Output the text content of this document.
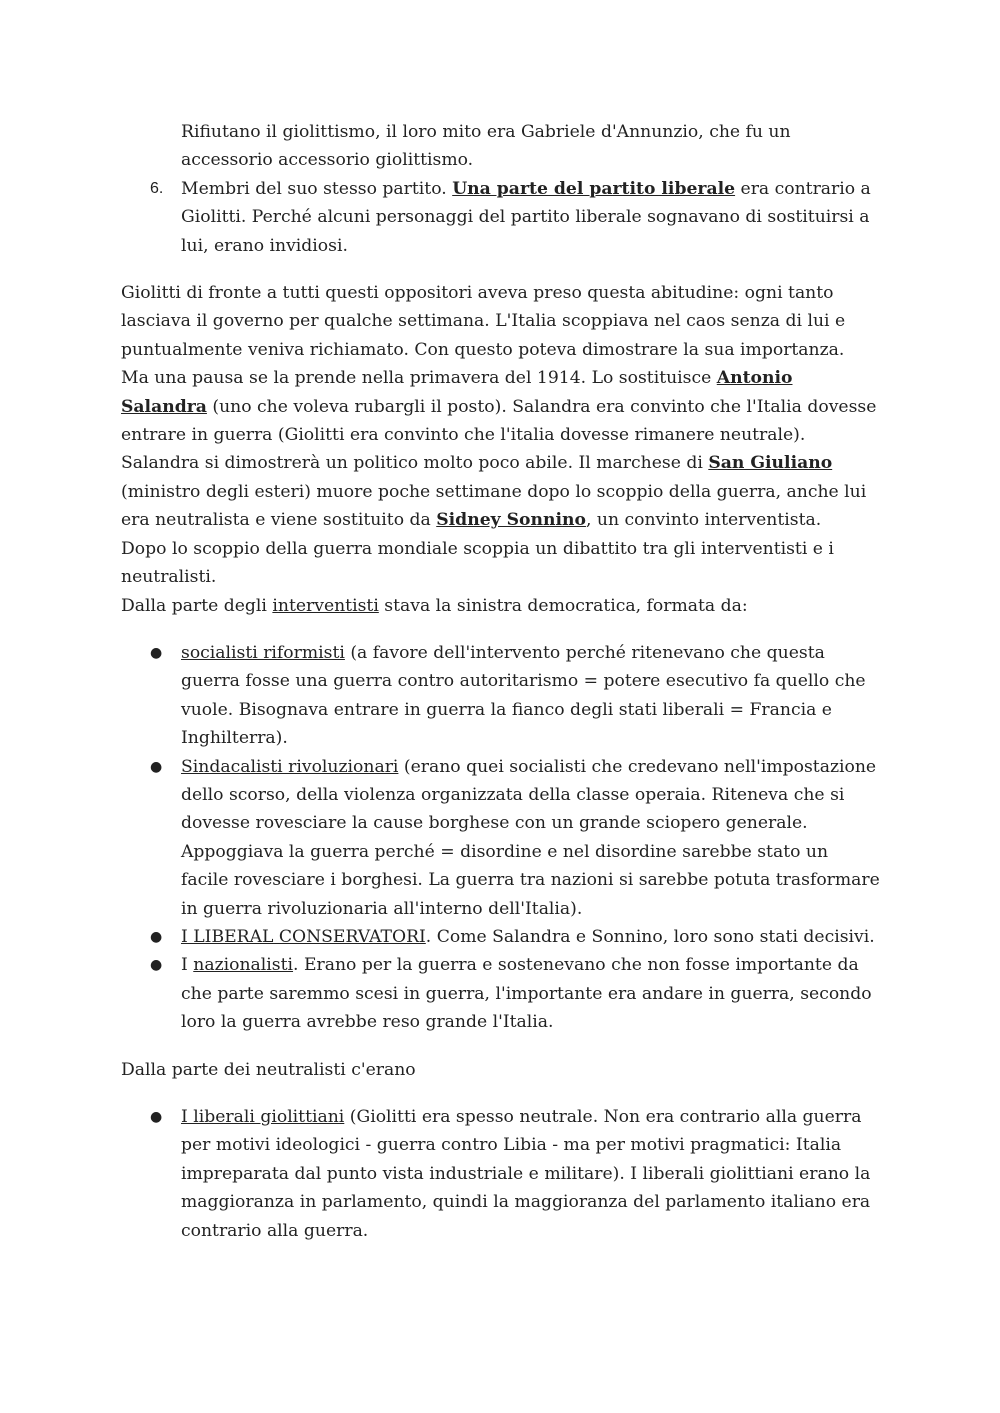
Rifiutano il giolittismo, il loro mito era Gabriele d'Annunzio, che fu un accessorio accessorio giolittismo.
6. Membri del suo stesso partito. Una parte del partito liberale era contrario a Giolitti. Perché alcuni personaggi del partito liberale sognavano di sostituirsi a lui, erano invidiosi.

Giolitti di fronte a tutti questi oppositori aveva preso questa abitudine: ogni tanto lasciava il governo per qualche settimana. L'Italia scoppiava nel caos senza di lui e puntualmente veniva richiamato. Con questo poteva dimostrare la sua importanza.

Ma una pausa se la prende nella primavera del 1914. Lo sostituisce Antonio Salandra (uno che voleva rubargli il posto). Salandra era convinto che l'Italia dovesse entrare in guerra (Giolitti era convinto che l'italia dovesse rimanere neutrale).

Salandra si dimostrerà un politico molto poco abile. Il marchese di San Giuliano (ministro degli esteri) muore poche settimane dopo lo scoppio della guerra, anche lui era neutralista e viene sostituito da Sidney Sonnino, un convinto interventista.

Dopo lo scoppio della guerra mondiale scoppia un dibattito tra gli interventisti e i neutralisti.

Dalla parte degli interventisti stava la sinistra democratica, formata da:

● socialisti riformisti (a favore dell'intervento perché ritenevano che questa guerra fosse una guerra contro autoritarismo = potere esecutivo fa quello che vuole. Bisognava entrare in guerra la fianco degli stati liberali = Francia e Inghilterra).
● Sindacalisti rivoluzionari (erano quei socialisti che credevano nell'impostazione dello scorso, della violenza organizzata della classe operaia. Riteneva che si dovesse rovesciare la cause borghese con un grande sciopero generale. Appoggiava la guerra perché = disordine e nel disordine sarebbe stato un facile rovesciare i borghesi. La guerra tra nazioni si sarebbe potuta trasformare in guerra rivoluzionaria all'interno dell'Italia).
● I LIBERAL CONSERVATORI. Come Salandra e Sonnino, loro sono stati decisivi.
● I nazionalisti. Erano per la guerra e sostenevano che non fosse importante da che parte saremmo scesi in guerra, l'importante era andare in guerra, secondo loro la guerra avrebbe reso grande l'Italia.

Dalla parte dei neutralisti c'erano

● I liberali giolittiani (Giolitti era spesso neutrale. Non era contrario alla guerra per motivi ideologici - guerra contro Libia - ma per motivi pragmatici: Italia impreparata dal punto vista industriale e militare). I liberali giolittiani erano la maggioranza in parlamento, quindi la maggioranza del parlamento italiano era contrario alla guerra.
